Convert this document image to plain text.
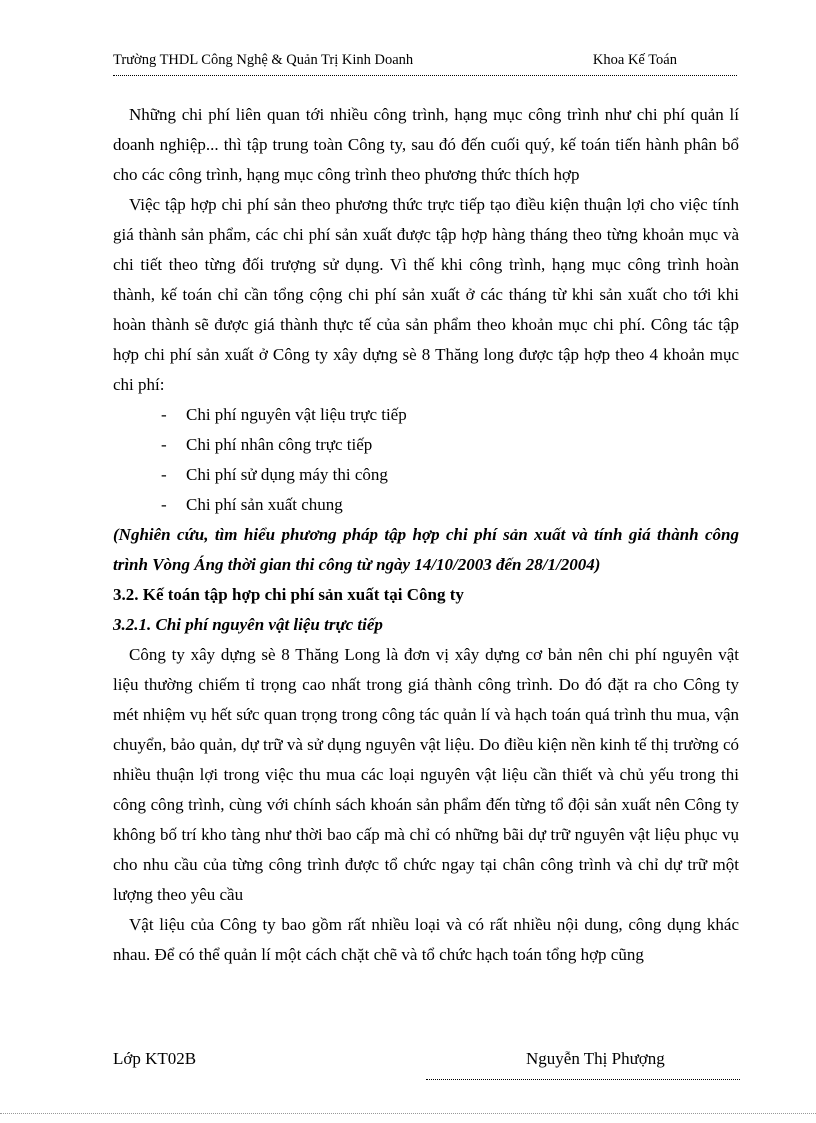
Trường THDL Công Nghệ & Quản Trị Kinh Doanh	Khoa Kế Toán

Những chi phí liên quan tới nhiều công trình, hạng mục công trình như chi phí quản lí doanh nghiệp... thì tập trung toàn Công ty, sau đó đến cuối quý, kế toán tiến hành phân bổ cho các công trình, hạng mục công trình theo phương thức thích hợp

Việc tập hợp chi phí sản theo phương thức trực tiếp tạo điều kiện thuận lợi cho việc tính giá thành sản phẩm, các chi phí sản xuất được tập hợp hàng tháng theo từng khoản mục và chi tiết theo từng đối trượng sử dụng. Vì thế khi công trình, hạng mục công trình hoàn thành, kế toán chỉ cần tổng cộng chi phí sản xuất ở các tháng từ khi sản xuất cho tới khi hoàn thành sẽ được giá thành thực tế của sản phẩm theo khoản mục chi phí. Công tác tập hợp chi phí sản xuất ở Công ty xây dựng sè 8 Thăng long được tập hợp theo 4 khoản mục chi phí:

- Chi phí nguyên vật liệu trực tiếp
- Chi phí nhân công trực tiếp
- Chi phí sử dụng máy thi công
- Chi phí sản xuất chung

(Nghiên cứu, tìm hiểu phương pháp tập hợp chi phí sản xuất và tính giá thành công trình Vòng Áng thời gian thi công từ ngày 14/10/2003 đến 28/1/2004)

3.2. Kế toán tập hợp chi phí sản xuất tại Công ty

3.2.1. Chi phí nguyên vật liệu trực tiếp

Công ty xây dựng sè 8 Thăng Long là đơn vị xây dựng cơ bản nên chi phí nguyên vật liệu thường chiếm tỉ trọng cao nhất trong giá thành công trình. Do đó đặt ra cho Công ty mét nhiệm vụ hết sức quan trọng trong công tác quản lí và hạch toán quá trình thu mua, vận chuyển, bảo quản, dự trữ và sử dụng nguyên vật liệu. Do điều kiện nền kinh tế thị trường có nhiều thuận lợi trong việc thu mua các loại nguyên vật liệu cần thiết và chủ yếu trong thi công công trình, cùng với chính sách khoán sản phẩm đến từng tổ đội sản xuất nên Công ty không bố trí kho tàng như thời bao cấp mà chỉ có những bãi dự trữ nguyên vật liệu phục vụ cho nhu cầu của từng công trình được tổ chức ngay tại chân công trình và chỉ dự trữ một lượng theo yêu cầu

Vật liệu của Công ty bao gồm rất nhiều loại và có rất nhiều nội dung, công dụng khác nhau. Để có thể quản lí một cách chặt chẽ và tổ chức hạch toán tổng hợp cũng

Lớp KT02B	Nguyễn Thị Phượng
